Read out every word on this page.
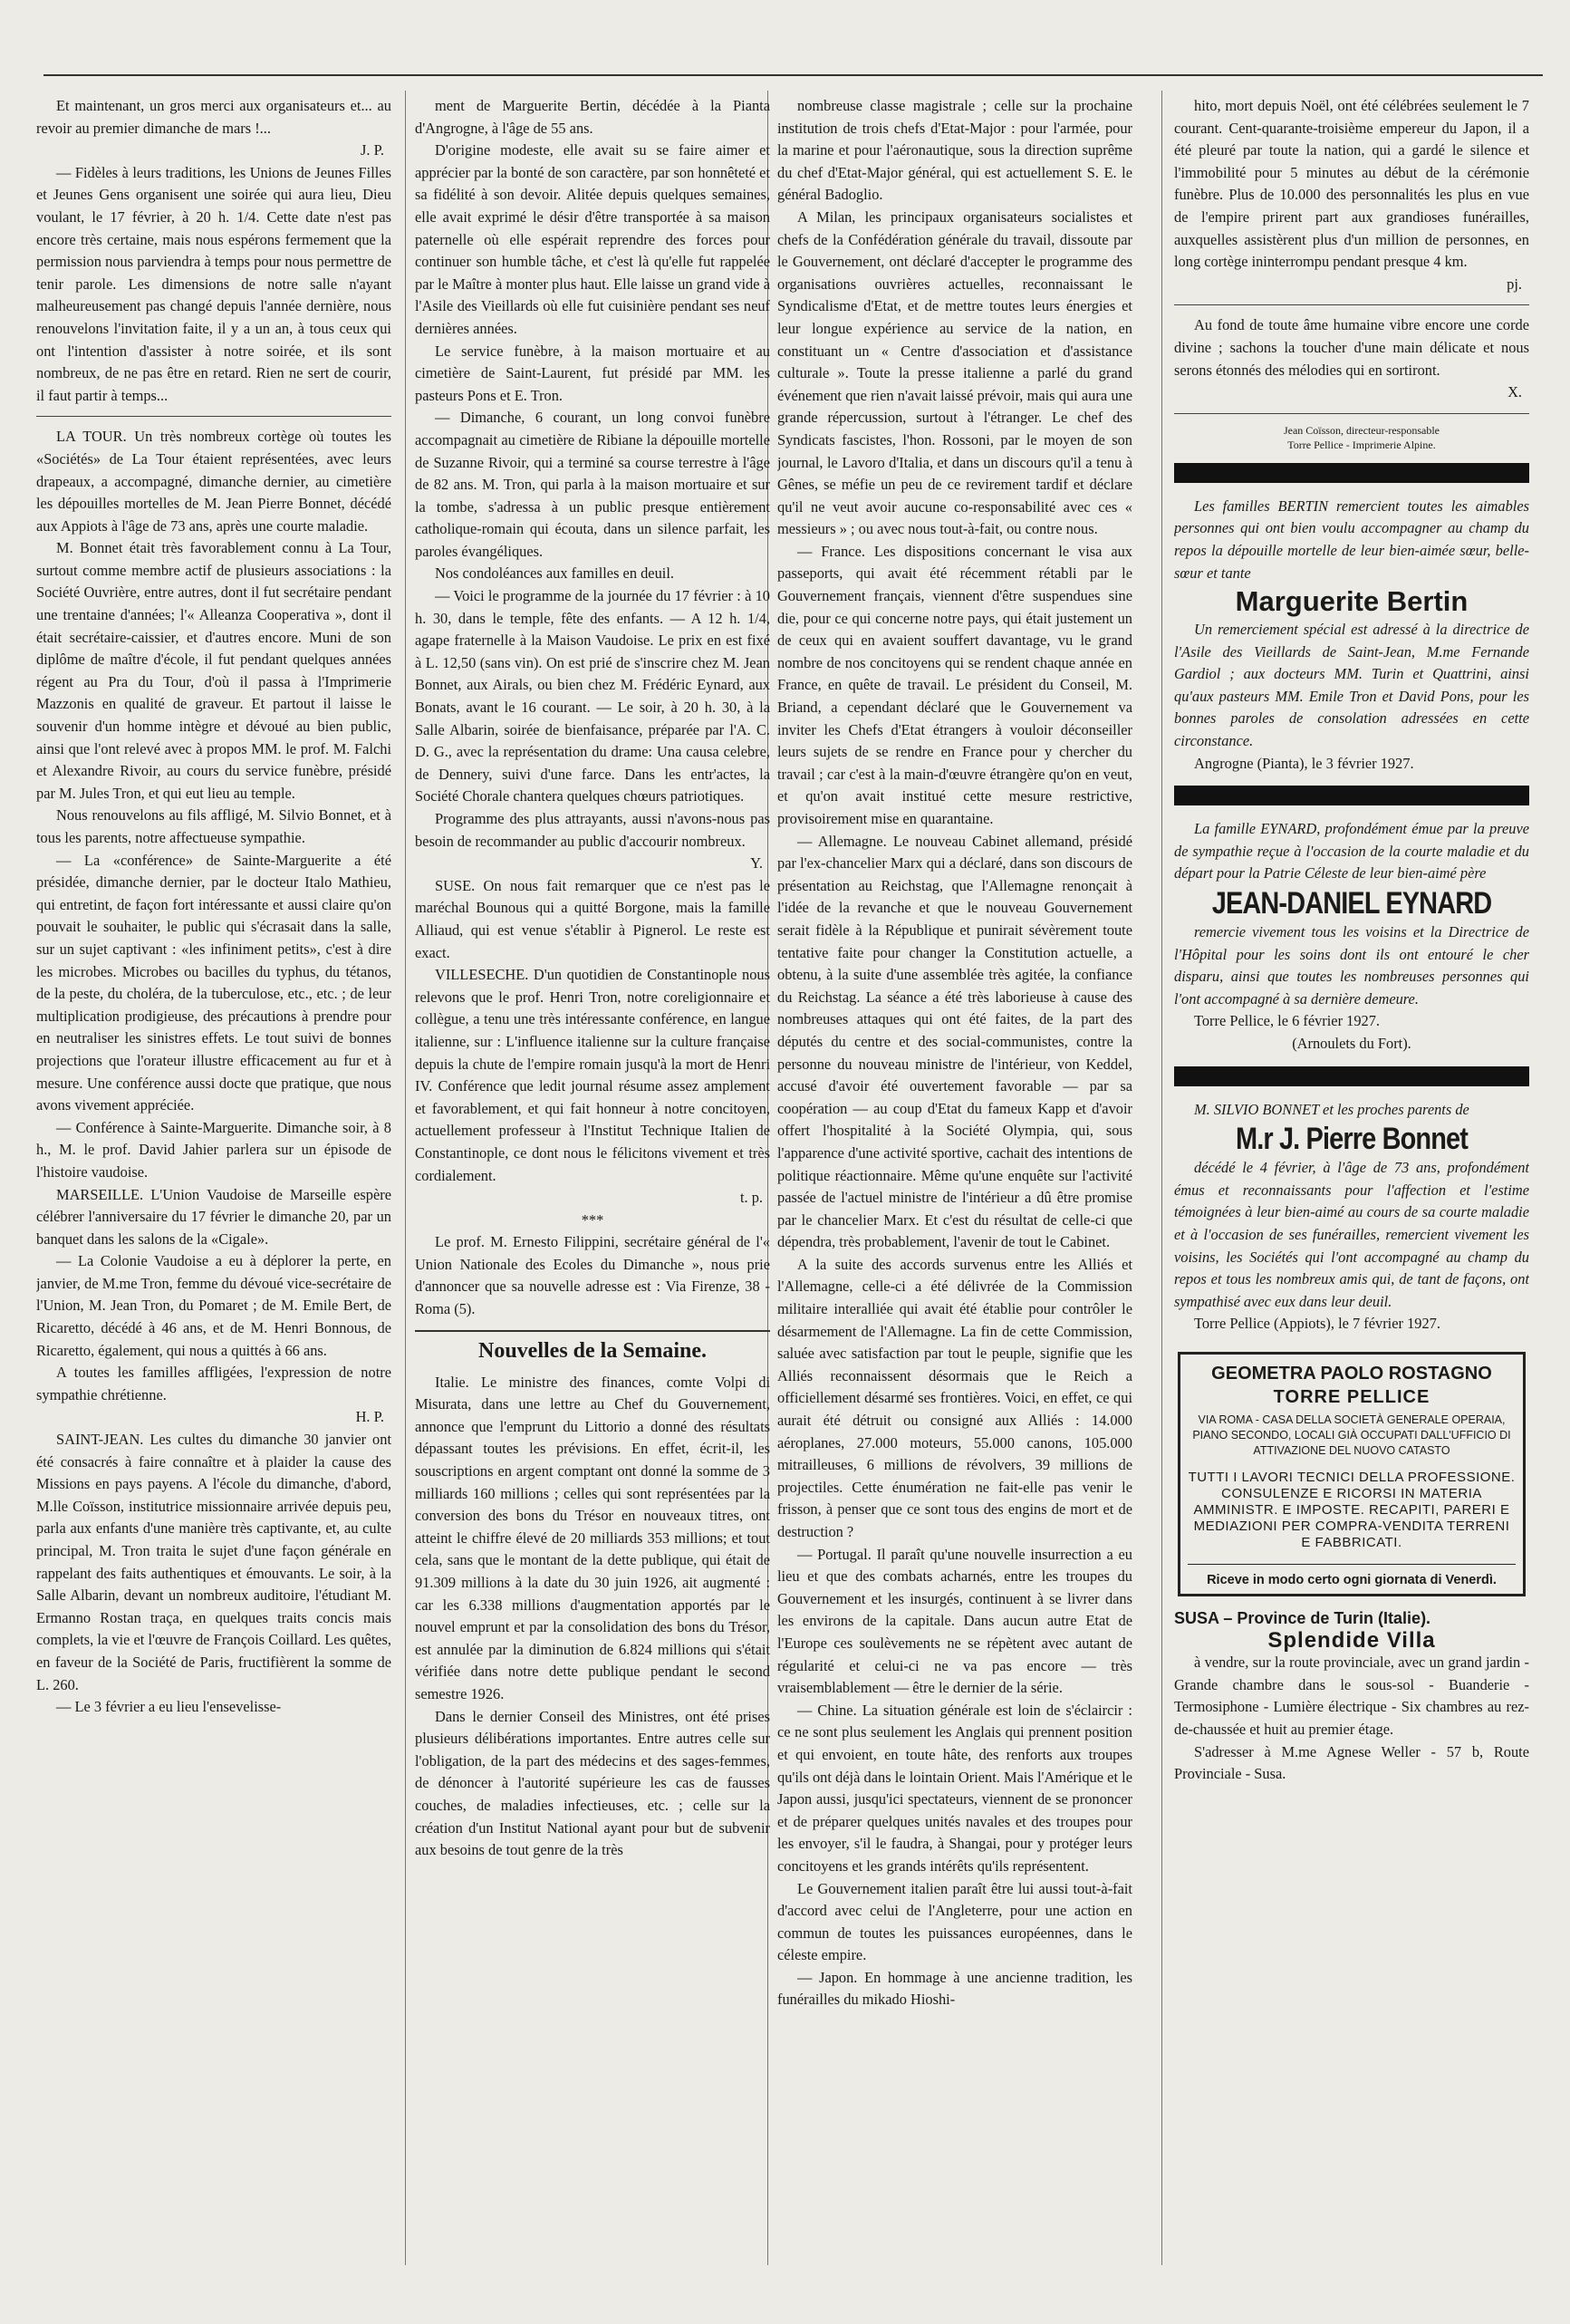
Et maintenant, un gros merci aux organisateurs et... au revoir au premier dimanche de mars !...

J. P.

— Fidèles à leurs traditions, les Unions de Jeunes Filles et Jeunes Gens organisent une soirée qui aura lieu, Dieu voulant, le 17 février, à 20 h. 1/4. Cette date n'est pas encore très certaine, mais nous espérons fermement que la permission nous parviendra à temps pour nous permettre de tenir parole. Les dimensions de notre salle n'ayant malheureusement pas changé depuis l'année dernière, nous renouvelons l'invitation faite, il y a un an, à tous ceux qui ont l'intention d'assister à notre soirée, et ils sont nombreux, de ne pas être en retard. Rien ne sert de courir, il faut partir à temps...

LA TOUR. Un très nombreux cortège où toutes les «Sociétés» de La Tour étaient représentées, avec leurs drapeaux, a accompagné, dimanche dernier, au cimetière les dépouilles mortelles de M. Jean Pierre Bonnet, décédé aux Appiots à l'âge de 73 ans, après une courte maladie.

M. Bonnet était très favorablement connu à La Tour, surtout comme membre actif de plusieurs associations : la Société Ouvrière, entre autres, dont il fut secrétaire pendant une trentaine d'années; l'« Alleanza Cooperativa », dont il était secrétaire-caissier, et d'autres encore. Muni de son diplôme de maître d'école, il fut pendant quelques années régent au Pra du Tour, d'où il passa à l'Imprimerie Mazzonis en qualité de graveur. Et partout il laisse le souvenir d'un homme intègre et dévoué au bien public, ainsi que l'ont relevé avec à propos MM. le prof. M. Falchi et Alexandre Rivoir, au cours du service funèbre, présidé par M. Jules Tron, et qui eut lieu au temple.

Nous renouvelons au fils affligé, M. Silvio Bonnet, et à tous les parents, notre affectueuse sympathie.

— La «conférence» de Sainte-Marguerite a été présidée, dimanche dernier, par le docteur Italo Mathieu, qui entretint, de façon fort intéressante et aussi claire qu'on pouvait le souhaiter, le public qui s'écrasait dans la salle, sur un sujet captivant : «les infiniment petits», c'est à dire les microbes. Microbes ou bacilles du typhus, du tétanos, de la peste, du choléra, de la tuberculose, etc., etc. ; de leur multiplication prodigieuse, des précautions à prendre pour en neutraliser les sinistres effets. Le tout suivi de bonnes projections que l'orateur illustre efficacement au fur et à mesure. Une conférence aussi docte que pratique, que nous avons vivement appréciée.

— Conférence à Sainte-Marguerite. Dimanche soir, à 8 h., M. le prof. David Jahier parlera sur un épisode de l'histoire vaudoise.

MARSEILLE. L'Union Vaudoise de Marseille espère célébrer l'anniversaire du 17 février le dimanche 20, par un banquet dans les salons de la «Cigale».

— La Colonie Vaudoise a eu à déplorer la perte, en janvier, de M.me Tron, femme du dévoué vice-secrétaire de l'Union, M. Jean Tron, du Pomaret ; de M. Emile Bert, de Ricaretto, décédé à 46 ans, et de M. Henri Bonnous, de Ricaretto, également, qui nous a quittés à 66 ans.

A toutes les familles affligées, l'expression de notre sympathie chrétienne.

H. P.

SAINT-JEAN. Les cultes du dimanche 30 janvier ont été consacrés à faire connaître et à plaider la cause des Missions en pays payens. A l'école du dimanche, d'abord, M.lle Coïsson, institutrice missionnaire arrivée depuis peu, parla aux enfants d'une manière très captivante, et, au culte principal, M. Tron traita le sujet d'une façon générale en rappelant des faits authentiques et émouvants. Le soir, à la Salle Albarin, devant un nombreux auditoire, l'étudiant M. Ermanno Rostan traça, en quelques traits concis mais complets, la vie et l'œuvre de François Coillard. Les quêtes, en faveur de la Société de Paris, fructifièrent la somme de L. 260.

— Le 3 février a eu lieu l'ensevelisse-

ment de Marguerite Bertin, décédée à la Pianta d'Angrogne, à l'âge de 55 ans.

D'origine modeste, elle avait su se faire aimer et apprécier par la bonté de son caractère, par son honnêteté et sa fidélité à son devoir. Alitée depuis quelques semaines, elle avait exprimé le désir d'être transportée à sa maison paternelle où elle espérait reprendre des forces pour continuer son humble tâche, et c'est là qu'elle fut rappelée par le Maître à monter plus haut. Elle laisse un grand vide à l'Asile des Vieillards où elle fut cuisinière pendant ses neuf dernières années.

Le service funèbre, à la maison mortuaire et au cimetière de Saint-Laurent, fut présidé par MM. les pasteurs Pons et E. Tron.

— Dimanche, 6 courant, un long convoi funèbre accompagnait au cimetière de Ribiane la dépouille mortelle de Suzanne Rivoir, qui a terminé sa course terrestre à l'âge de 82 ans. M. Tron, qui parla à la maison mortuaire et sur la tombe, s'adressa à un public presque entièrement catholique-romain qui écouta, dans un silence parfait, les paroles évangéliques.

Nos condoléances aux familles en deuil.

— Voici le programme de la journée du 17 février : à 10 h. 30, dans le temple, fête des enfants. — A 12 h. 1/4, agape fraternelle à la Maison Vaudoise. Le prix en est fixé à L. 12,50 (sans vin). On est prié de s'inscrire chez M. Jean Bonnet, aux Airals, ou bien chez M. Frédéric Eynard, aux Bonats, avant le 16 courant. — Le soir, à 20 h. 30, à la Salle Albarin, soirée de bienfaisance, préparée par l'A. C. D. G., avec la représentation du drame: Una causa celebre, de Dennery, suivi d'une farce. Dans les entr'actes, la Société Chorale chantera quelques chœurs patriotiques.

Programme des plus attrayants, aussi n'avons-nous pas besoin de recommander au public d'accourir nombreux.

Y.

SUSE. On nous fait remarquer que ce n'est pas le maréchal Bounous qui a quitté Borgone, mais la famille Alliaud, qui est venue s'établir à Pignerol. Le reste est exact.

VILLESECHE. D'un quotidien de Constantinople nous relevons que le prof. Henri Tron, notre coreligionnaire et collègue, a tenu une très intéressante conférence, en langue italienne, sur : L'influence italienne sur la culture française depuis la chute de l'empire romain jusqu'à la mort de Henri IV. Conférence que ledit journal résume assez amplement et favorablement, et qui fait honneur à notre concitoyen, actuellement professeur à l'Institut Technique Italien de Constantinople, ce dont nous le félicitons vivement et très cordialement.

t. p.

***

Le prof. M. Ernesto Filippini, secrétaire général de l'« Union Nationale des Ecoles du Dimanche », nous prie d'annoncer que sa nouvelle adresse est : Via Firenze, 38 - Roma (5).

Nouvelles de la Semaine.

Italie. Le ministre des finances, comte Volpi di Misurata, dans une lettre au Chef du Gouvernement, annonce que l'emprunt du Littorio a donné des résultats dépassant toutes les prévisions. En effet, écrit-il, les souscriptions en argent comptant ont donné la somme de 3 milliards 160 millions ; celles qui sont représentées par la conversion des bons du Trésor en nouveaux titres, ont atteint le chiffre élevé de 20 milliards 353 millions; et tout cela, sans que le montant de la dette publique, qui était de 91.309 millions à la date du 30 juin 1926, ait augmenté : car les 6.338 millions d'augmentation apportés par le nouvel emprunt et par la consolidation des bons du Trésor, est annulée par la diminution de 6.824 millions qui s'était vérifiée dans notre dette publique pendant le second semestre 1926.

Dans le dernier Conseil des Ministres, ont été prises plusieurs délibérations importantes. Entre autres celle sur l'obligation, de la part des médecins et des sages-femmes, de dénoncer à l'autorité supérieure les cas de fausses couches, de maladies infectieuses, etc. ; celle sur la création d'un Institut National ayant pour but de subvenir aux besoins de tout genre de la très

nombreuse classe magistrale ; celle sur la prochaine institution de trois chefs d'Etat-Major : pour l'armée, pour la marine et pour l'aéronautique, sous la direction suprême du chef d'Etat-Major général, qui est actuellement S. E. le général Badoglio.

A Milan, les principaux organisateurs socialistes et chefs de la Confédération générale du travail, dissoute par le Gouvernement, ont déclaré d'accepter le programme des organisations ouvrières actuelles, reconnaissant le Syndicalisme d'Etat, et de mettre toutes leurs énergies et leur longue expérience au service de la nation, en constituant un « Centre d'association et d'assistance culturale ». Toute la presse italienne a parlé du grand événement que rien n'avait laissé prévoir, mais qui aura une grande répercussion, surtout à l'étranger. Le chef des Syndicats fascistes, l'hon. Rossoni, par le moyen de son journal, le Lavoro d'Italia, et dans un discours qu'il a tenu à Gênes, se méfie un peu de ce revirement tardif et déclare qu'il ne veut avoir aucune co-responsabilité avec ces « messieurs » ; ou avec nous tout-à-fait, ou contre nous.

— France. Les dispositions concernant le visa aux passeports, qui avait été récemment rétabli par le Gouvernement français, viennent d'être suspendues sine die, pour ce qui concerne notre pays, qui était justement un de ceux qui en avaient souffert davantage, vu le grand nombre de nos concitoyens qui se rendent chaque année en France, en quête de travail. Le président du Conseil, M. Briand, a cependant déclaré que le Gouvernement va inviter les Chefs d'Etat étrangers à vouloir déconseiller leurs sujets de se rendre en France pour y chercher du travail ; car c'est à la main-d'œuvre étrangère qu'on en veut, et qu'on avait institué cette mesure restrictive, provisoirement mise en quarantaine.

— Allemagne. Le nouveau Cabinet allemand, présidé par l'ex-chancelier Marx qui a déclaré, dans son discours de présentation au Reichstag, que l'Allemagne renonçait à l'idée de la revanche et que le nouveau Gouvernement serait fidèle à la République et punirait sévèrement toute tentative faite pour changer la Constitution actuelle, a obtenu, à la suite d'une assemblée très agitée, la confiance du Reichstag. La séance a été très laborieuse à cause des nombreuses attaques qui ont été faites, de la part des députés du centre et des social-communistes, contre la personne du nouveau ministre de l'intérieur, von Keddel, accusé d'avoir été ouvertement favorable — par sa coopération — au coup d'Etat du fameux Kapp et d'avoir offert l'hospitalité à la Société Olympia, qui, sous l'apparence d'une activité sportive, cachait des intentions de politique réactionnaire. Même qu'une enquête sur l'activité passée de l'actuel ministre de l'intérieur a dû être promise par le chancelier Marx. Et c'est du résultat de celle-ci que dépendra, très probablement, l'avenir de tout le Cabinet.

A la suite des accords survenus entre les Alliés et l'Allemagne, celle-ci a été délivrée de la Commission militaire interalliée qui avait été établie pour contrôler le désarmement de l'Allemagne. La fin de cette Commission, saluée avec satisfaction par tout le peuple, signifie que les Alliés reconnaissent désormais que le Reich a officiellement désarmé ses frontières. Voici, en effet, ce qui aurait été détruit ou consigné aux Alliés : 14.000 aéroplanes, 27.000 moteurs, 55.000 canons, 105.000 mitrailleuses, 6 millions de révolvers, 39 millions de projectiles. Cette énumération ne fait-elle pas venir le frisson, à penser que ce sont tous des engins de mort et de destruction ?

— Portugal. Il paraît qu'une nouvelle insurrection a eu lieu et que des combats acharnés, entre les troupes du Gouvernement et les insurgés, continuent à se livrer dans les environs de la capitale. Dans aucun autre Etat de l'Europe ces soulèvements ne se répètent avec autant de régularité et celui-ci ne va pas encore — très vraisemblablement — être le dernier de la série.

— Chine. La situation générale est loin de s'éclaircir : ce ne sont plus seulement les Anglais qui prennent position et qui envoient, en toute hâte, des renforts aux troupes qu'ils ont déjà dans le lointain Orient. Mais l'Amérique et le Japon aussi, jusqu'ici spectateurs, viennent de se prononcer et de préparer quelques unités navales et des troupes pour les envoyer, s'il le faudra, à Shangai, pour y protéger leurs concitoyens et les grands intérêts qu'ils représentent.

Le Gouvernement italien paraît être lui aussi tout-à-fait d'accord avec celui de l'Angleterre, pour une action en commun de toutes les puissances européennes, dans le céleste empire.

— Japon. En hommage à une ancienne tradition, les funérailles du mikado Hioshi-

hito, mort depuis Noël, ont été célébrées seulement le 7 courant. Cent-quarante-troisième empereur du Japon, il a été pleuré par toute la nation, qui a gardé le silence et l'immobilité pour 5 minutes au début de la cérémonie funèbre. Plus de 10.000 des personnalités les plus en vue de l'empire prirent part aux grandioses funérailles, auxquelles assistèrent plus d'un million de personnes, en long cortège ininterrompu pendant presque 4 km.

pj.

Au fond de toute âme humaine vibre encore une corde divine ; sachons la toucher d'une main délicate et nous serons étonnés des mélodies qui en sortiront.

X.

Jean Coïsson, directeur-responsable

Torre Pellice - Imprimerie Alpine.

Les familles BERTIN remercient toutes les aimables personnes qui ont bien voulu accompagner au champ du repos la dépouille mortelle de leur bien-aimée sœur, belle-sœur et tante

Marguerite Bertin

Un remerciement spécial est adressé à la directrice de l'Asile des Vieillards de Saint-Jean, M.me Fernande Gardiol ; aux docteurs MM. Turin et Quattrini, ainsi qu'aux pasteurs MM. Emile Tron et David Pons, pour les bonnes paroles de consolation adressées en cette circonstance.

Angrogne (Pianta), le 3 février 1927.

La famille EYNARD, profondément émue par la preuve de sympathie reçue à l'occasion de la courte maladie et du départ pour la Patrie Céleste de leur bien-aimé père

JEAN-DANIEL EYNARD

remercie vivement tous les voisins et la Directrice de l'Hôpital pour les soins dont ils ont entouré le cher disparu, ainsi que toutes les nombreuses personnes qui l'ont accompagné à sa dernière demeure.

Torre Pellice, le 6 février 1927.

(Arnoulets du Fort).

M. SILVIO BONNET et les proches parents de

M.r J. Pierre Bonnet

décédé le 4 février, à l'âge de 73 ans, profondément émus et reconnaissants pour l'affection et l'estime témoignées à leur bien-aimé au cours de sa courte maladie et à l'occasion de ses funérailles, remercient vivement les voisins, les Sociétés qui l'ont accompagné au champ du repos et tous les nombreux amis qui, de tant de façons, ont sympathisé avec eux dans leur deuil.

Torre Pellice (Appiots), le 7 février 1927.

GEOMETRA PAOLO ROSTAGNO
TORRE PELLICE
VIA ROMA - CASA DELLA SOCIETÀ GENERALE OPERAIA, PIANO SECONDO, LOCALI GIÀ OCCUPATI DALL'UFFICIO DI ATTIVAZIONE DEL NUOVO CATASTO
TUTTI I LAVORI TECNICI DELLA PROFESSIONE. CONSULENZE E RICORSI IN MATERIA AMMINISTR. E IMPOSTE. RECAPITI, PARERI E MEDIAZIONI PER COMPRA-VENDITA TERRENI E FABBRICATI.
Riceve in modo certo ogni giornata di Venerdì.

SUSA – Province de Turin (Italie).

Splendide Villa

à vendre, sur la route provinciale, avec un grand jardin - Grande chambre dans le sous-sol - Buanderie - Termosiphone - Lumière électrique - Six chambres au rez-de-chaussée et huit au premier étage.

S'adresser à M.me Agnese Weller - 57 b, Route Provinciale - Susa.
